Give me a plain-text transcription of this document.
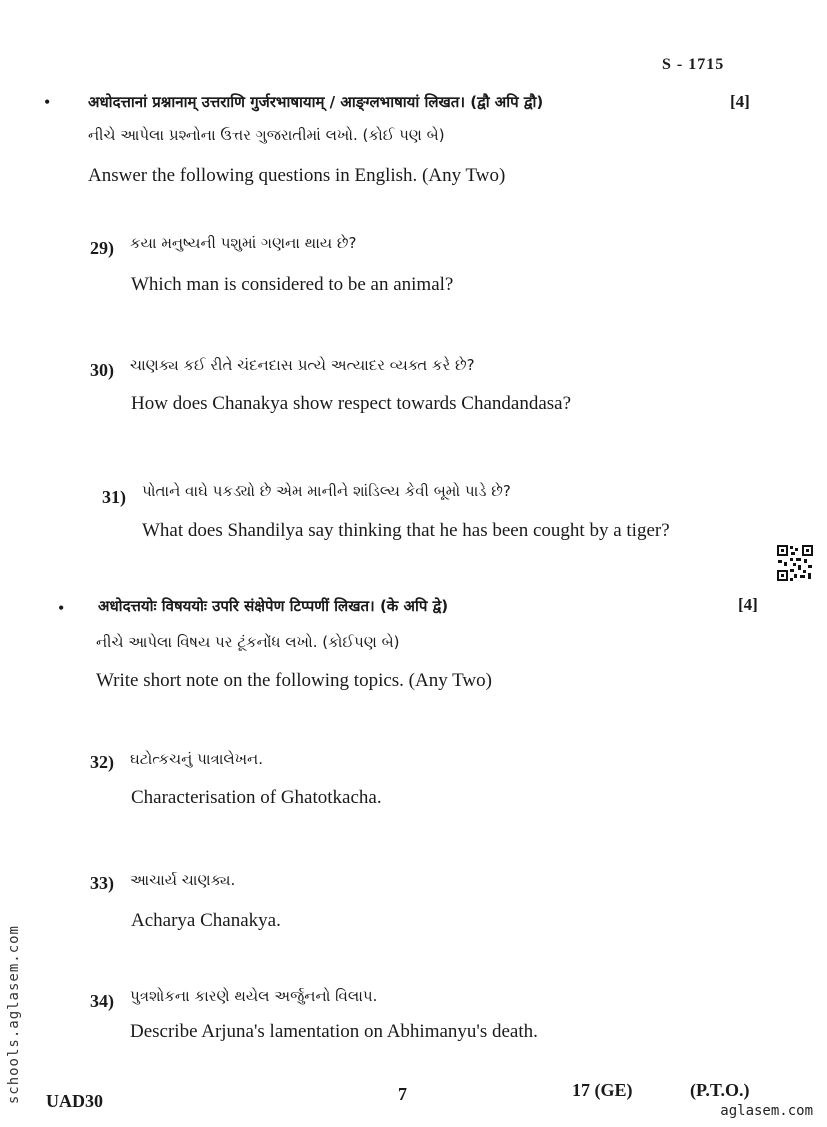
S - 1715
•	अधोदत्तानां प्रश्नानाम् उत्तराणि गुर्जरभाषायाम् / आङ्ग्लभाषायां लिखत। (द्वौ अपि द्वौ)	[4]
નીચે આપેલા પ્રશ્નોના ઉત્તર ગુજરાતીમાં લખો. (કોઈ પણ બે)
Answer the following questions in English. (Any Two)
29) કયા મનુષ્યની પશુમાં ગણના થાય છે?
Which man is considered to be an animal?
30) ચાણક્ય કઈ રીતે ચંદનદાસ પ્રત્યે અત્યાદર વ્યક્ત કરે છે?
How does Chanakya show respect towards Chandandasa?
31) પોતાને વાઘે પકડ્યો છે એમ માનીને શાંડિલ્ય કેવી બૂમો પાડે છે?
What does Shandilya say thinking that he has been cought by a tiger?
• अधोदत्तयोः विषययोः उपरि संक्षेपेण टिप्पणीं लिखत। (के अपि द्वे)	[4]
નીચે આપેલા વિષય પર ટૂંકનોંધ લખો. (કોઈપણ બે)
Write short note on the following topics. (Any Two)
32) ઘટોત્કચનું પાત્રાલેખન.
Characterisation of Ghatotkacha.
33) આચાર્ય ચાણક્ય.
Acharya Chanakya.
34) પુત્રશોકના કારણે થયેલ અર્જુનનો વિલાપ.
Describe Arjuna's lamentation on Abhimanyu's death.
UAD30	7	17 (GE)	(P.T.O.)
schools.aglasem.com
aglasem.com
